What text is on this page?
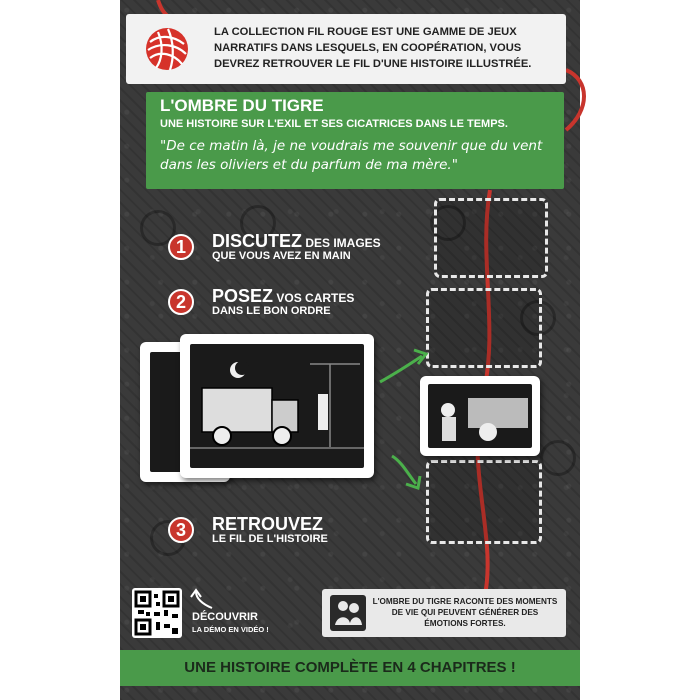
LA COLLECTION FIL ROUGE EST UNE GAMME DE JEUX NARRATIFS DANS LESQUELS, EN COOPÉRATION, VOUS DEVREZ RETROUVER LE FIL D'UNE HISTOIRE ILLUSTRÉE.

L'OMBRE DU TIGRE

UNE HISTOIRE SUR L'EXIL ET SES CICATRICES DANS LE TEMPS.

"De ce matin là, je ne voudrais me souvenir que du vent dans les oliviers et du parfum de ma mère."

1	DISCUTEZ DES IMAGES

QUE VOUS AVEZ EN MAIN

2	POSEZ VOS CARTES

DANS LE BON ORDRE

3	RETROUVEZ

LE FIL DE L'HISTOIRE

DÉCOUVRIR

LA DÉMO EN VIDÉO !

L'OMBRE DU TIGRE RACONTE DES MOMENTS DE VIE QUI PEUVENT GÉNÉRER DES ÉMOTIONS FORTES.

UNE HISTOIRE COMPLÈTE EN 4 CHAPITRES !
